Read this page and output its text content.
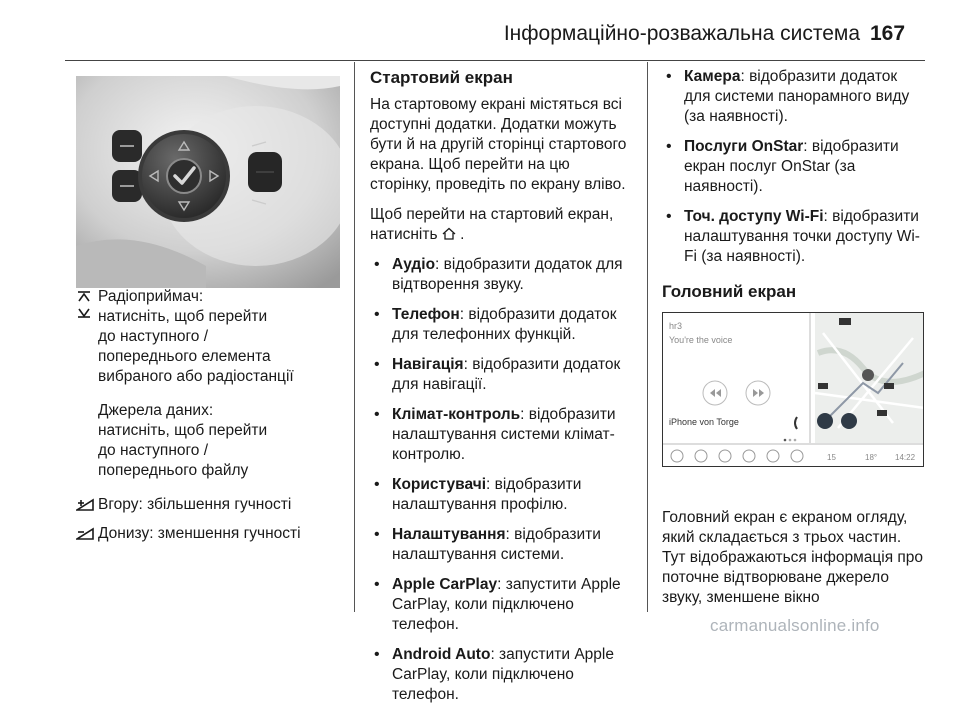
Інформаційно-розважальна система 167
Радіоприймач:
натисніть, щоб перейти
до наступного /
попереднього елемента
вибраного або радіостанції
Джерела даних:
натисніть, щоб перейти
до наступного /
попереднього файлу
Вгору: збільшення гучності
Донизу: зменшення гучності
Стартовий екран

На стартовому екрані містяться всі доступні додатки. Додатки можуть бути й на другій сторінці стартового екрана. Щоб перейти на цю сторінку, проведіть по екрану вліво.

Щоб перейти на стартовий екран, натисніть .

• Аудіо: відобразити додаток для відтворення звуку.
• Телефон: відобразити додаток для телефонних функцій.
• Навігація: відобразити додаток для навігації.
• Клімат-контроль: відобразити налаштування системи клімат-контролю.
• Користувачі: відобразити налаштування профілю.
• Налаштування: відобразити налаштування системи.
• Apple CarPlay: запустити Apple CarPlay, коли підключено телефон.
• Android Auto: запустити Apple CarPlay, коли підключено телефон.
• Камера: відобразити додаток для системи панорамного виду (за наявності).
• Послуги OnStar: відобразити екран послуг OnStar (за наявності).
• Точ. доступу Wi-Fi: відобразити налаштування точки доступу Wi-Fi (за наявності).
Головний екран
hr3
You're the voice
iPhone von Torge
15	18° 14:22

Головний екран є екраном огляду, який складається з трьох частин. Тут відображаються інформація про поточне відтворюване джерело звуку, зменшене вікно

carmanualsonline.info
